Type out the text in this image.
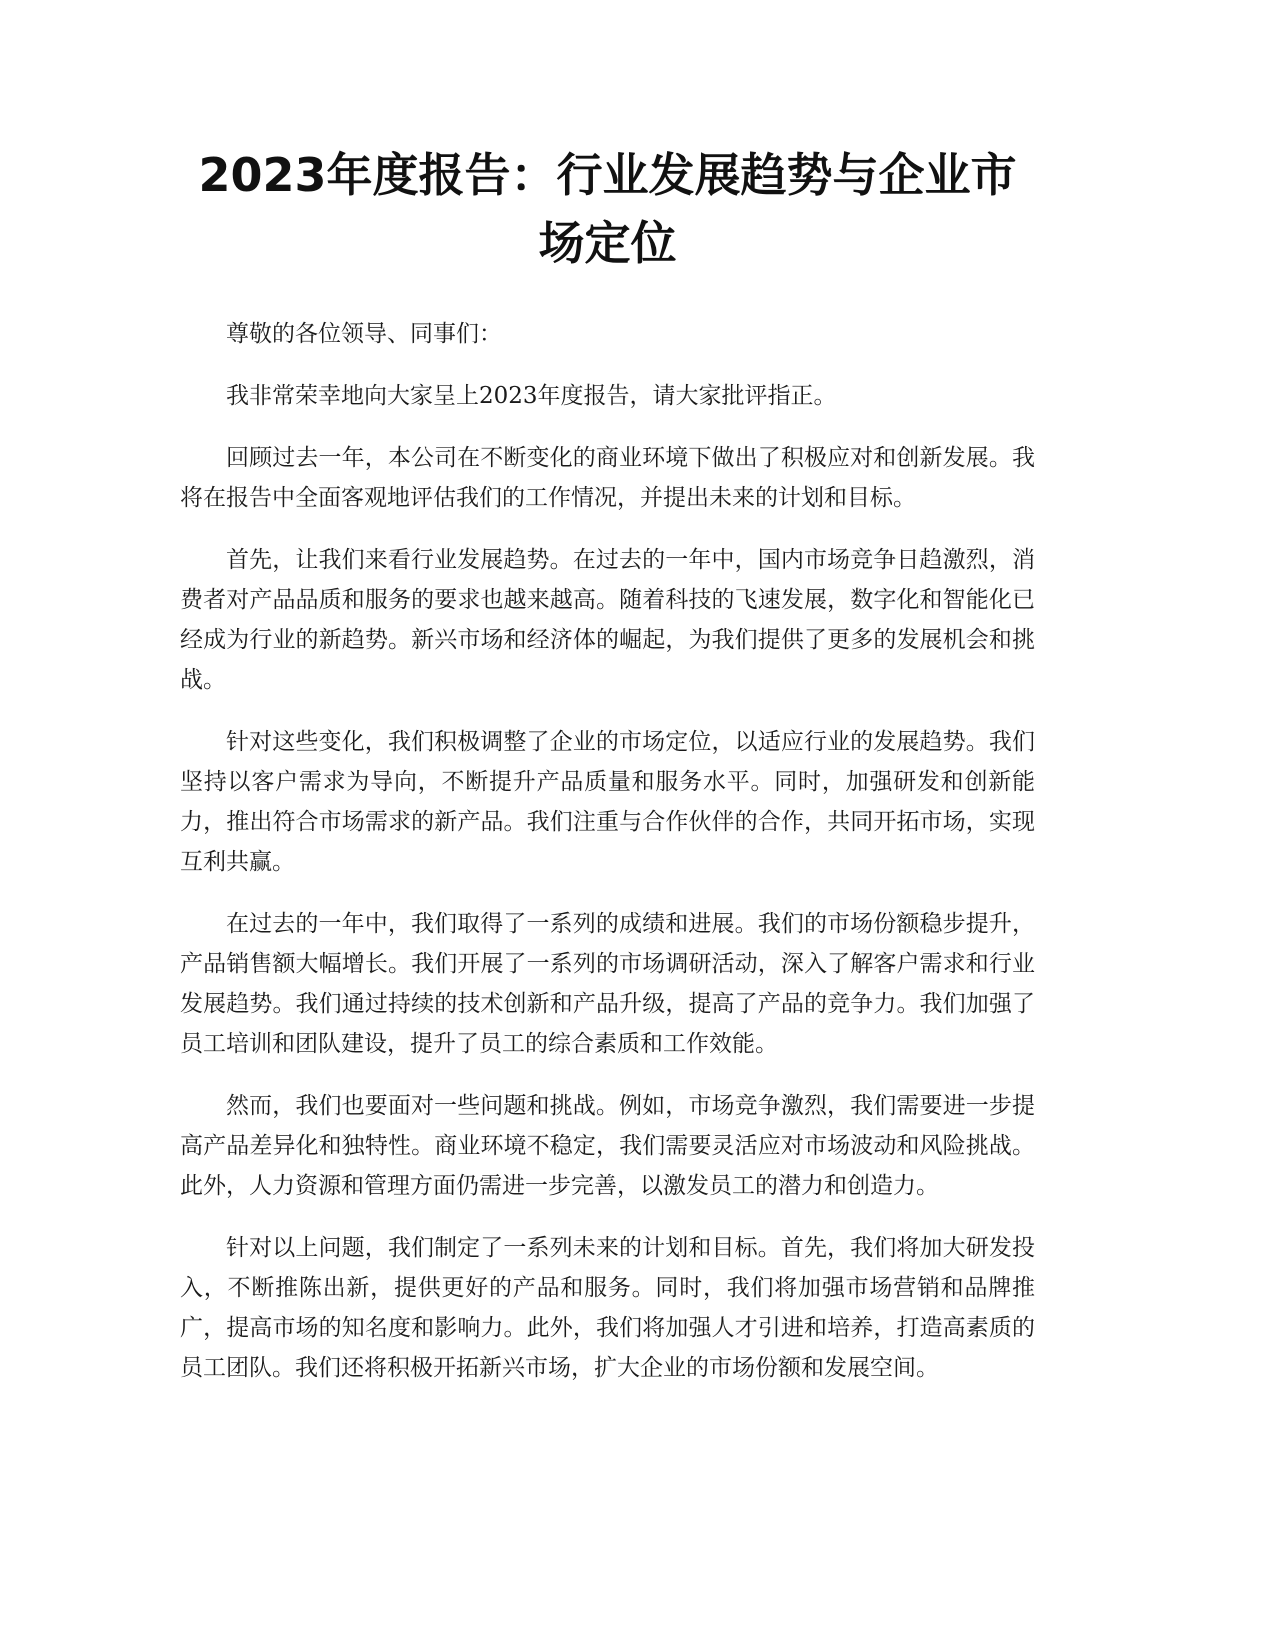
2023年度报告：行业发展趋势与企业市场定位

尊敬的各位领导、同事们：

我非常荣幸地向大家呈上2023年度报告，请大家批评指正。

回顾过去一年，本公司在不断变化的商业环境下做出了积极应对和创新发展。我将在报告中全面客观地评估我们的工作情况，并提出未来的计划和目标。

首先，让我们来看行业发展趋势。在过去的一年中，国内市场竞争日趋激烈，消费者对产品品质和服务的要求也越来越高。随着科技的飞速发展，数字化和智能化已经成为行业的新趋势。新兴市场和经济体的崛起，为我们提供了更多的发展机会和挑战。

针对这些变化，我们积极调整了企业的市场定位，以适应行业的发展趋势。我们坚持以客户需求为导向，不断提升产品质量和服务水平。同时，加强研发和创新能力，推出符合市场需求的新产品。我们注重与合作伙伴的合作，共同开拓市场，实现互利共赢。

在过去的一年中，我们取得了一系列的成绩和进展。我们的市场份额稳步提升，产品销售额大幅增长。我们开展了一系列的市场调研活动，深入了解客户需求和行业发展趋势。我们通过持续的技术创新和产品升级，提高了产品的竞争力。我们加强了员工培训和团队建设，提升了员工的综合素质和工作效能。

然而，我们也要面对一些问题和挑战。例如，市场竞争激烈，我们需要进一步提高产品差异化和独特性。商业环境不稳定，我们需要灵活应对市场波动和风险挑战。此外，人力资源和管理方面仍需进一步完善，以激发员工的潜力和创造力。

针对以上问题，我们制定了一系列未来的计划和目标。首先，我们将加大研发投入，不断推陈出新，提供更好的产品和服务。同时，我们将加强市场营销和品牌推广，提高市场的知名度和影响力。此外，我们将加强人才引进和培养，打造高素质的员工团队。我们还将积极开拓新兴市场，扩大企业的市场份额和发展空间。
